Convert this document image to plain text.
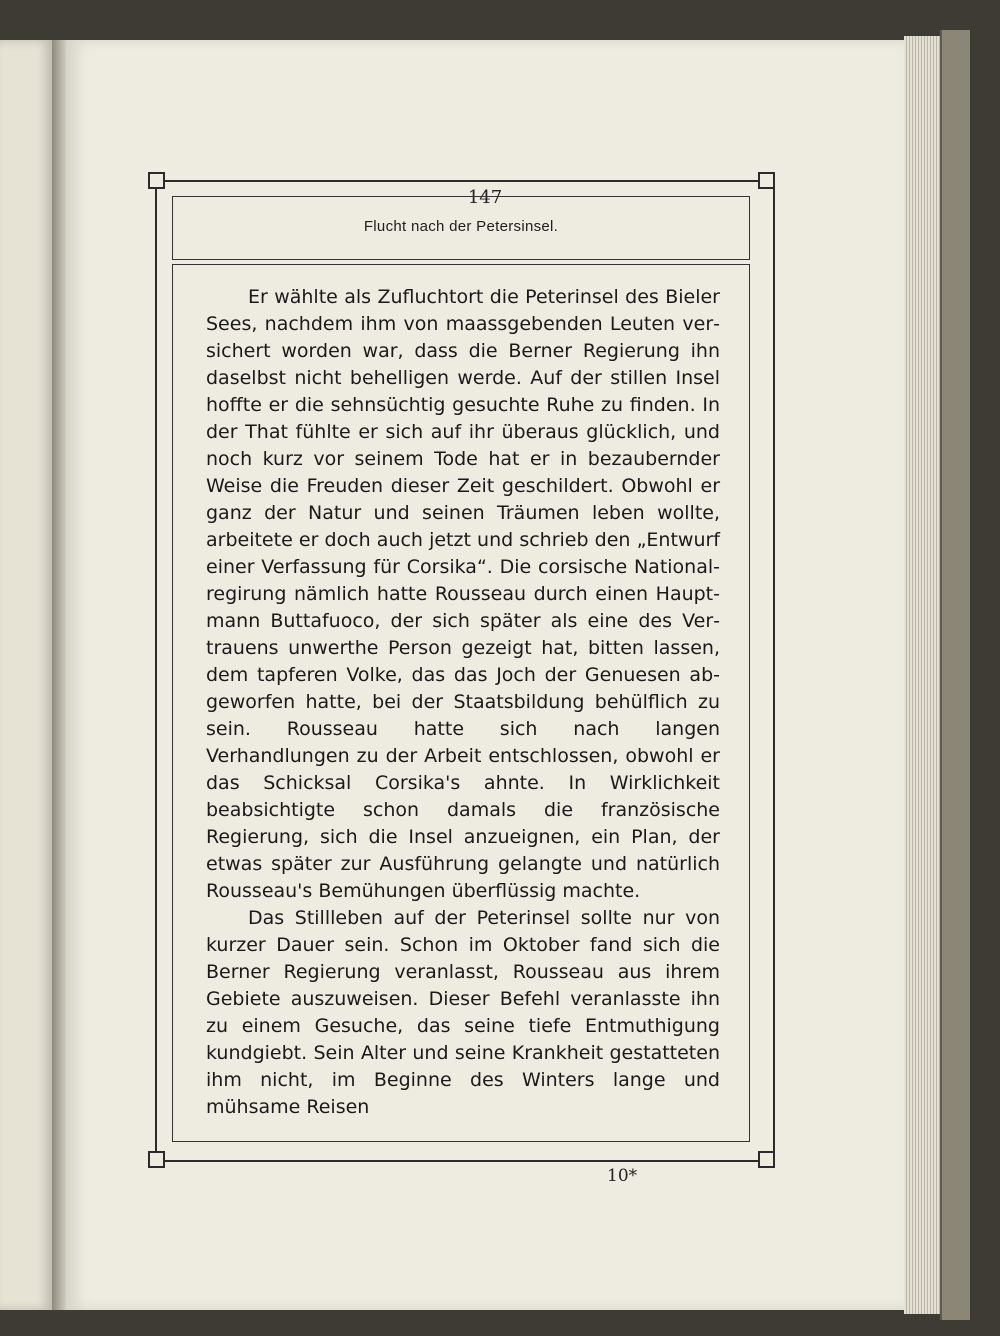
147
Flucht nach der Petersinsel.

Er wählte als Zufluchtort die Peterinsel des Bieler Sees, nachdem ihm von maassgebenden Leuten versichert worden war, dass die Berner Regierung ihn daselbst nicht behelligen werde. Auf der stillen Insel hoffte er die sehnsüchtig gesuchte Ruhe zu finden. In der That fühlte er sich auf ihr überaus glücklich, und noch kurz vor seinem Tode hat er in bezaubernder Weise die Freuden dieser Zeit geschildert. Obwohl er ganz der Natur und seinen Träumen leben wollte, arbeitete er doch auch jetzt und schrieb den „Entwurf einer Verfassung für Corsika“. Die corsische Nationalregirung nämlich hatte Rousseau durch einen Hauptmann Buttafuoco, der sich später als eine des Vertrauens unwerthe Person gezeigt hat, bitten lassen, dem tapferen Volke, das das Joch der Genuesen abgeworfen hatte, bei der Staatsbildung behülflich zu sein. Rousseau hatte sich nach langen Verhandlungen zu der Arbeit entschlossen, obwohl er das Schicksal Corsika's ahnte. In Wirklichkeit beabsichtigte schon damals die französische Regierung, sich die Insel anzueignen, ein Plan, der etwas später zur Ausführung gelangte und natürlich Rousseau's Bemühungen überflüssig machte.

Das Stillleben auf der Peterinsel sollte nur von kurzer Dauer sein. Schon im Oktober fand sich die Berner Regierung veranlasst, Rousseau aus ihrem Gebiete auszuweisen. Dieser Befehl veranlasste ihn zu einem Gesuche, das seine tiefe Entmuthigung kundgiebt. Sein Alter und seine Krankheit gestatteten ihm nicht, im Beginne des Winters lange und mühsame Reisen

10*
